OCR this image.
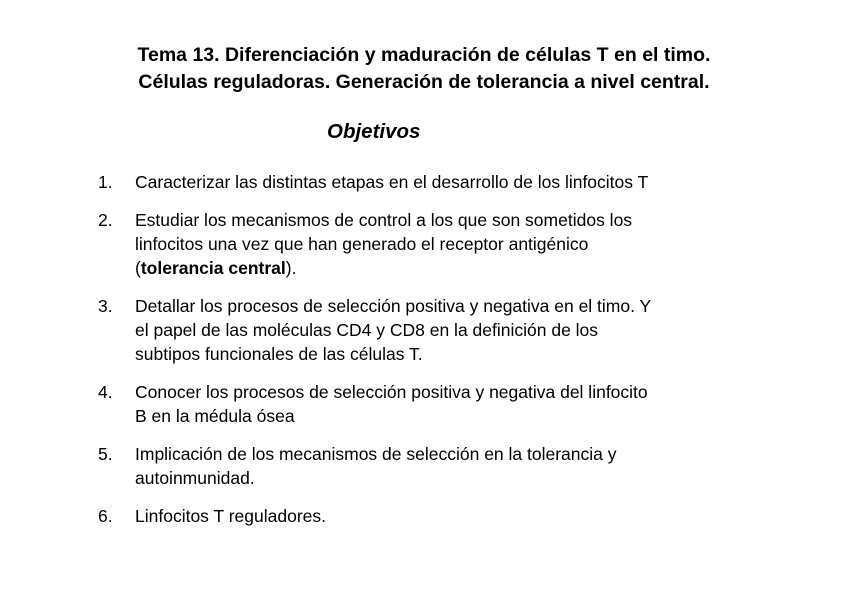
Tema 13. Diferenciación y maduración de células T en el timo.
Células reguladoras. Generación de tolerancia a nivel central.
Objetivos
1. Caracterizar las distintas etapas en el desarrollo de los linfocitos T
2. Estudiar los mecanismos de control a los que son sometidos los
linfocitos una vez que han generado el receptor antigénico
(tolerancia central).
3. Detallar los procesos de selección positiva y negativa en el timo. Y
el papel de las moléculas CD4 y CD8 en la definición de los
subtipos funcionales de las células T.
4. Conocer los procesos de selección positiva y negativa del linfocito
B en la médula ósea
5. Implicación de los mecanismos de selección en la tolerancia y
autoinmunidad.
6. Linfocitos T reguladores.
